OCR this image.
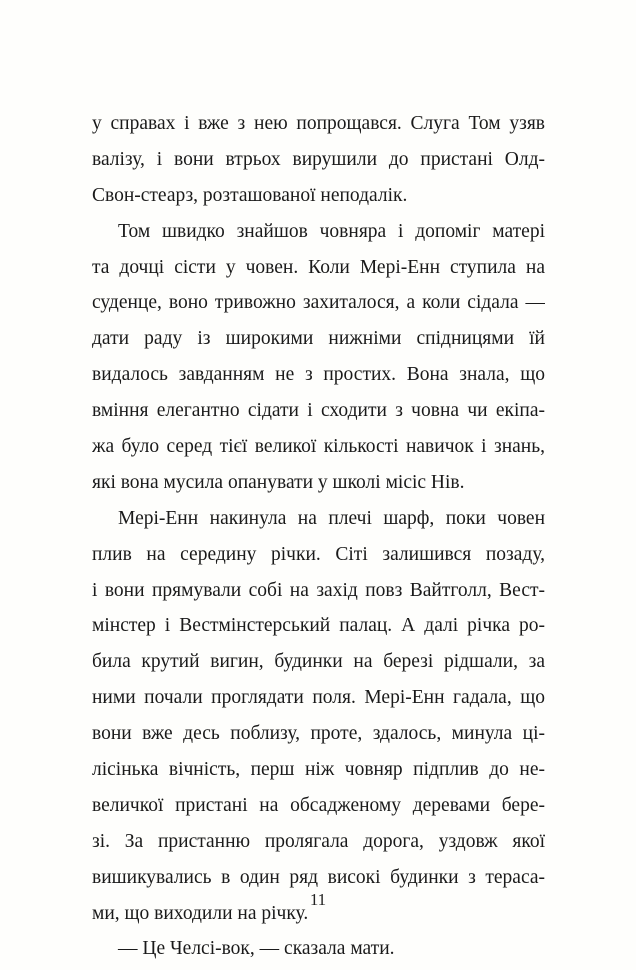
у справах і вже з нею попрощався. Слуга Том узяв
валізу, і вони втрьох вирушили до пристані Олд-
Свон-стеарз, розташованої неподалік.
Том швидко знайшов човняра і допоміг матері
та дочці сісти у човен. Коли Мері-Енн ступила на
суденце, воно тривожно захиталося, а коли сідала —
дати раду із широкими нижніми спідницями їй
видалось завданням не з простих. Вона знала, що
вміння елегантно сідати і сходити з човна чи екіпа-
жа було серед тієї великої кількості навичок і знань,
які вона мусила опанувати у школі місіс Нів.
Мері-Енн накинула на плечі шарф, поки човен
плив на середину річки. Сіті залишився позаду,
і вони прямували собі на захід повз Вайтголл, Вест-
мінстер і Вестмінстерський палац. А далі річка ро-
била крутий вигин, будинки на березі рідшали, за
ними почали проглядати поля. Мері-Енн гадала, що
вони вже десь поблизу, проте, здалось, минула ці-
лісінька вічність, перш ніж човняр підплив до не-
величкої пристані на обсадженому деревами бере-
зі. За пристанню пролягала дорога, уздовж якої
вишикувались в один ряд високі будинки з тераса-
ми, що виходили на річку.
— Це Челсі-вок, — сказала мати.
11
